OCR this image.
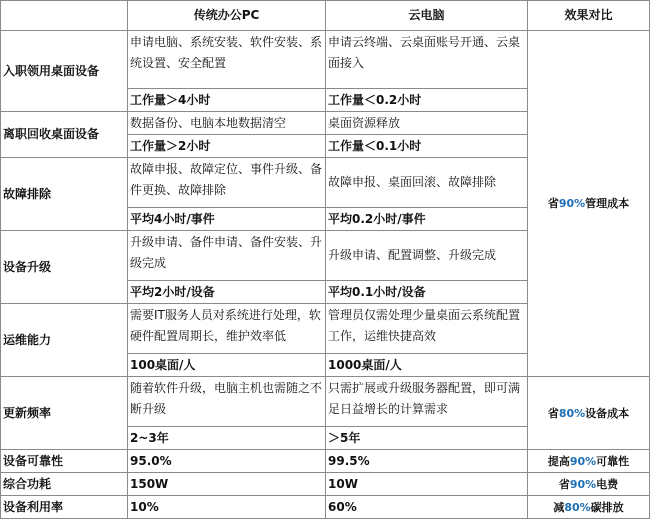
	传统办公PC	云电脑	效果对比
入职领用桌面设备	申请电脑、系统安装、软件安装、系统设置、安全配置	申请云终端、云桌面账号开通、云桌面接入	省90%管理成本
	工作量＞4小时	工作量＜0.2小时	
离职回收桌面设备	数据备份、电脑本地数据清空	桌面资源释放	
	工作量＞2小时	工作量＜0.1小时	
故障排除	故障申报、故障定位、事件升级、备件更换、故障排除	故障申报、桌面回滚、故障排除	
	平均4小时/事件	平均0.2小时/事件	
设备升级	升级申请、备件申请、备件安装、升级完成	升级申请、配置调整、升级完成	
	平均2小时/设备	平均0.1小时/设备	
运维能力	需要IT服务人员对系统进行处理，软硬件配置周期长，维护效率低	管理员仅需处理少量桌面云系统配置工作，运维快捷高效	
	100桌面/人	1000桌面/人	
更新频率	随着软件升级，电脑主机也需随之不断升级	只需扩展或升级服务器配置，即可满足日益增长的计算需求	省80%设备成本
	2~3年	＞5年	
设备可靠性	95.0%	99.5%	提高90%可靠性
综合功耗	150W	10W	省90%电费
设备利用率	10%	60%	减80%碳排放
